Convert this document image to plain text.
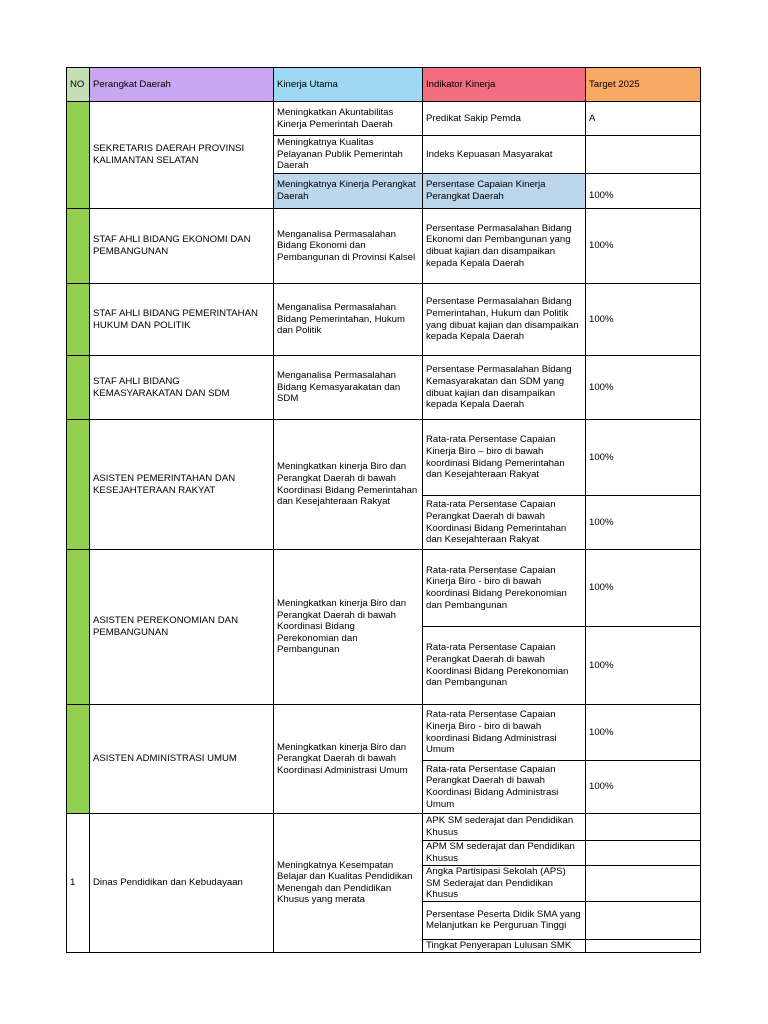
NO	Perangkat Daerah	Kinerja Utama	Indikator Kinerja	Target 2025
	SEKRETARIS DAERAH PROVINSI KALIMANTAN SELATAN	Meningkatkan Akuntabilitas Kinerja Pemerintah Daerah	Predikat Sakip Pemda	A
		Meningkatnya Kualitas Pelayanan Publik Pemerintah Daerah	Indeks Kepuasan Masyarakat	
		Meningkatnya Kinerja Perangkat Daerah	Persentase Capaian Kinerja Perangkat Daerah	100%
	STAF AHLI BIDANG EKONOMI DAN PEMBANGUNAN	Menganalisa Permasalahan Bidang Ekonomi dan Pembangunan di Provinsi Kalsel	Persentase Permasalahan Bidang Ekonomi dan Pembangunan yang dibuat kajian dan disampaikan kepada Kepala Daerah	100%
	STAF AHLI BIDANG PEMERINTAHAN HUKUM DAN POLITIK	Menganalisa Permasalahan Bidang Pemerintahan, Hukum dan Politik	Persentase Permasalahan Bidang Pemerintahan, Hukum dan Politik yang dibuat kajian dan disampaikan kepada Kepala Daerah	100%
	STAF AHLI BIDANG KEMASYARAKATAN DAN SDM	Menganalisa Permasalahan Bidang Kemasyarakatan dan SDM	Persentase Permasalahan Bidang Kemasyarakatan dan SDM yang dibuat kajian dan disampaikan kepada Kepala Daerah	100%
	ASISTEN PEMERINTAHAN DAN KESEJAHTERAAN RAKYAT	Meningkatkan kinerja Biro dan Perangkat Daerah di bawah Koordinasi Bidang Pemerintahan dan Kesejahteraan Rakyat	Rata-rata Persentase Capaian Kinerja Biro – biro di bawah koordinasi Bidang Pemerintahan dan Kesejahteraan Rakyat	100%
			Rata-rata Persentase Capaian Perangkat Daerah di bawah Koordinasi Bidang Pemerintahan dan Kesejahteraan Rakyat	100%
	ASISTEN PEREKONOMIAN DAN PEMBANGUNAN	Meningkatkan kinerja Biro dan Perangkat Daerah di bawah Koordinasi Bidang Perekonomian dan Pembangunan	Rata-rata Persentase Capaian Kinerja Biro - biro di bawah koordinasi Bidang Perekonomian dan Pembangunan	100%
			Rata-rata Persentase Capaian Perangkat Daerah di bawah Koordinasi Bidang Perekonomian dan Pembangunan	100%
	ASISTEN ADMINISTRASI UMUM	Meningkatkan kinerja Biro dan Perangkat Daerah di bawah Koordinasi Administrasi Umum	Rata-rata Persentase Capaian Kinerja Biro - biro di bawah koordinasi Bidang Administrasi Umum	100%
			Rata-rata Persentase Capaian Perangkat Daerah di bawah Koordinasi Bidang Administrasi Umum	100%
1	Dinas Pendidikan dan Kebudayaan	Meningkatnya Kesempatan Belajar dan Kualitas Pendidikan Menengah dan Pendidikan Khusus yang merata	APK SM sederajat dan Pendidikan Khusus	
			APM SM sederajat dan Pendidikan Khusus	
			Angka Partisipasi Sekolah (APS) SM Sederajat dan Pendidikan Khusus	
			Persentase Peserta Didik SMA yang Melanjutkan ke Perguruan Tinggi	
			Tingkat Penyerapan Lulusan SMK	
